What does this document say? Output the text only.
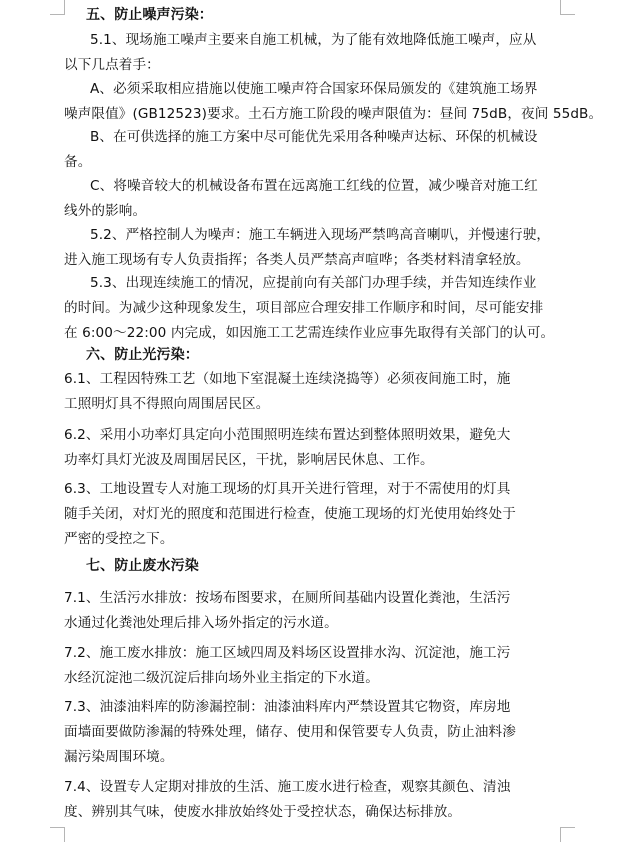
五、防止噪声污染：
5.1、现场施工噪声主要来自施工机械，为了能有效地降低施工噪声，应从
以下几点着手：
A、必须采取相应措施以使施工噪声符合国家环保局颁发的《建筑施工场界
噪声限值》(GB12523)要求。土石方施工阶段的噪声限值为：昼间 75dB，夜间 55dB。
B、在可供选择的施工方案中尽可能优先采用各种噪声达标、环保的机械设
备。
C、将噪音较大的机械设备布置在远离施工红线的位置，减少噪音对施工红
线外的影响。
5.2、严格控制人为噪声：施工车辆进入现场严禁鸣高音喇叭，并慢速行驶，
进入施工现场有专人负责指挥；各类人员严禁高声喧哗；各类材料清拿轻放。
5.3、出现连续施工的情况，应提前向有关部门办理手续，并告知连续作业
的时间。为减少这种现象发生，项目部应合理安排工作顺序和时间，尽可能安排
在 6:00～22:00 内完成，如因施工工艺需连续作业应事先取得有关部门的认可。
六、防止光污染：
6.1、工程因特殊工艺（如地下室混凝土连续浇捣等）必须夜间施工时，施
工照明灯具不得照向周围居民区。
6.2、采用小功率灯具定向小范围照明连续布置达到整体照明效果，避免大
功率灯具灯光波及周围居民区，干扰，影响居民休息、工作。
6.3、工地设置专人对施工现场的灯具开关进行管理，对于不需使用的灯具
随手关闭，对灯光的照度和范围进行检查，使施工现场的灯光使用始终处于
严密的受控之下。
七、防止废水污染
7.1、生活污水排放：按场布图要求，在厕所间基础内设置化粪池，生活污
水通过化粪池处理后排入场外指定的污水道。
7.2、施工废水排放：施工区域四周及料场区设置排水沟、沉淀池，施工污
水经沉淀池二级沉淀后排向场外业主指定的下水道。
7.3、油漆油料库的防渗漏控制：油漆油料库内严禁设置其它物资，库房地
面墙面要做防渗漏的特殊处理，储存、使用和保管要专人负责，防止油料渗
漏污染周围环境。
7.4、设置专人定期对排放的生活、施工废水进行检查，观察其颜色、清浊
度、辨别其气味，使废水排放始终处于受控状态，确保达标排放。
